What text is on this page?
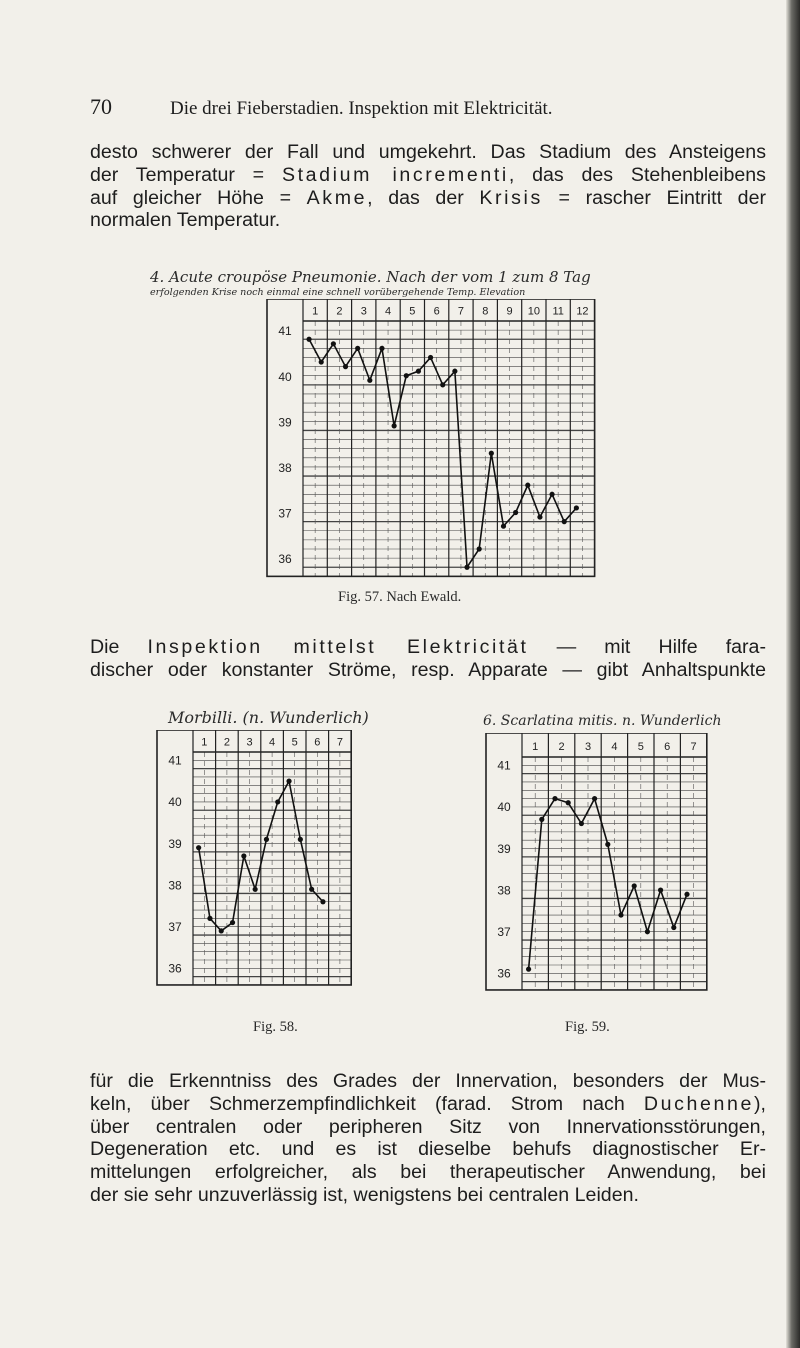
70	Die drei Fieberstadien. Inspektion mit Elektricität.
desto schwerer der Fall und umgekehrt. Das Stadium des Ansteigens
der Temperatur = Stadium incrementi, das des Stehenbleibens
auf gleicher Höhe = Akme, das der Krisis = rascher Eintritt der
normalen Temperatur.
4. Acute croupöse Pneumonie. Nach der vom 1 zum 8 Tag
erfolgenden Krise noch einmal eine schnell vorübergehende Temp. Elevation
1 2 3 4 5 6 7 8 9 10 11 12
41
40
39
38
37
36
Fig. 57. Nach Ewald.
Die Inspektion mittelst Elektricität — mit Hilfe fara-
discher oder konstanter Ströme, resp. Apparate — gibt Anhaltspunkte
Morbilli. (n. Wunderlich)
1 2 3 4 5 6 7
41
40
39
38
37
36
Fig. 58.
6. Scarlatina mitis. n. Wunderlich
1 2 3 4 5 6 7
41
40
39
38
37
36
Fig. 59.
für die Erkenntniss des Grades der Innervation, besonders der Mus-
keln, über Schmerzempfindlichkeit (farad. Strom nach Duchenne),
über centralen oder peripheren Sitz von Innervationsstörungen,
Degeneration etc. und es ist dieselbe behufs diagnostischer Er-
mittelungen erfolgreicher, als bei therapeutischer Anwendung, bei
der sie sehr unzuverlässig ist, wenigstens bei centralen Leiden.
